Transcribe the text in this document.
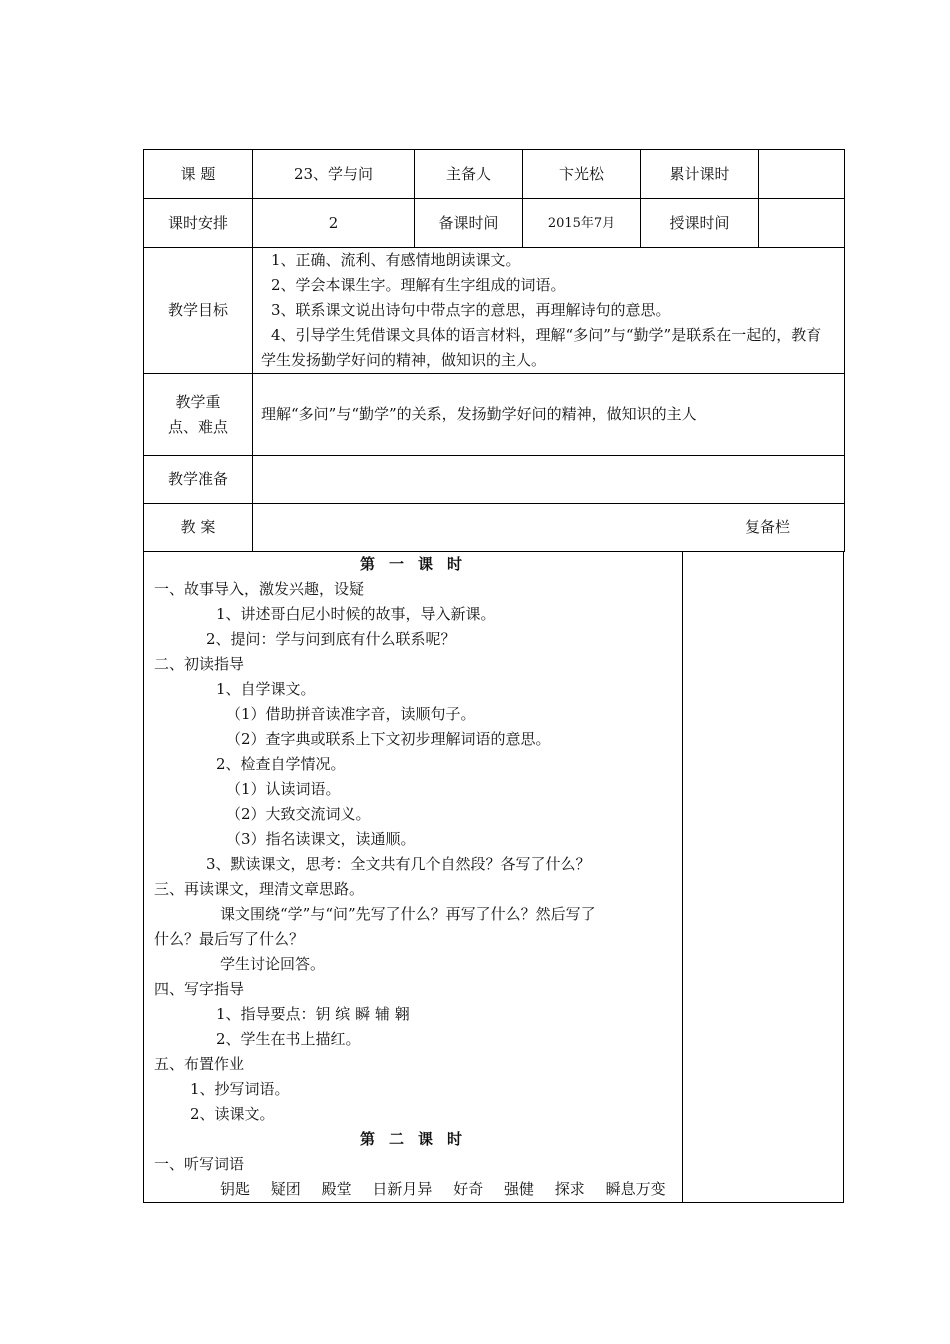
课 题	23、学与问	主备人	卞光松	累计课时	
课时安排	2	备课时间	2015年7月	授课时间	
教学目标	1、正确、流利、有感情地朗读课文。
2、学会本课生字。理解有生字组成的词语。
3、联系课文说出诗句中带点字的意思，再理解诗句的意思。
4、引导学生凭借课文具体的语言材料，理解“多问”与“勤学”是联系在一起的，教育学生发扬勤学好问的精神，做知识的主人。				

教学重
点、难点	理解“多问”与“勤学”的关系，发扬勤学好问的精神，做知识的主人				
教学准备					
教 案	复备栏				
第一课时
一、故事导入，激发兴趣，设疑
1、讲述哥白尼小时候的故事，导入新课。
2、提问：学与问到底有什么联系呢？
二、初读指导
1、自学课文。
（1）借助拼音读准字音，读顺句子。
（2）查字典或联系上下文初步理解词语的意思。
2、检查自学情况。
（1）认读词语。
（2）大致交流词义。
（3）指名读课文，读通顺。
3、默读课文，思考：全文共有几个自然段？各写了什么？
三、再读课文，理清文章思路。
课文围绕“学”与“问”先写了什么？再写了什么？然后写了
什么？最后写了什么？
学生讨论回答。
四、写字指导
1、指导要点：钥 缤 瞬 辅 翱
2、学生在书上描红。
五、布置作业
1、抄写词语。
2、读课文。
第二课时
一、听写词语
钥匙 疑团 殿堂 日新月异 好奇 强健 探求 瞬息万变
